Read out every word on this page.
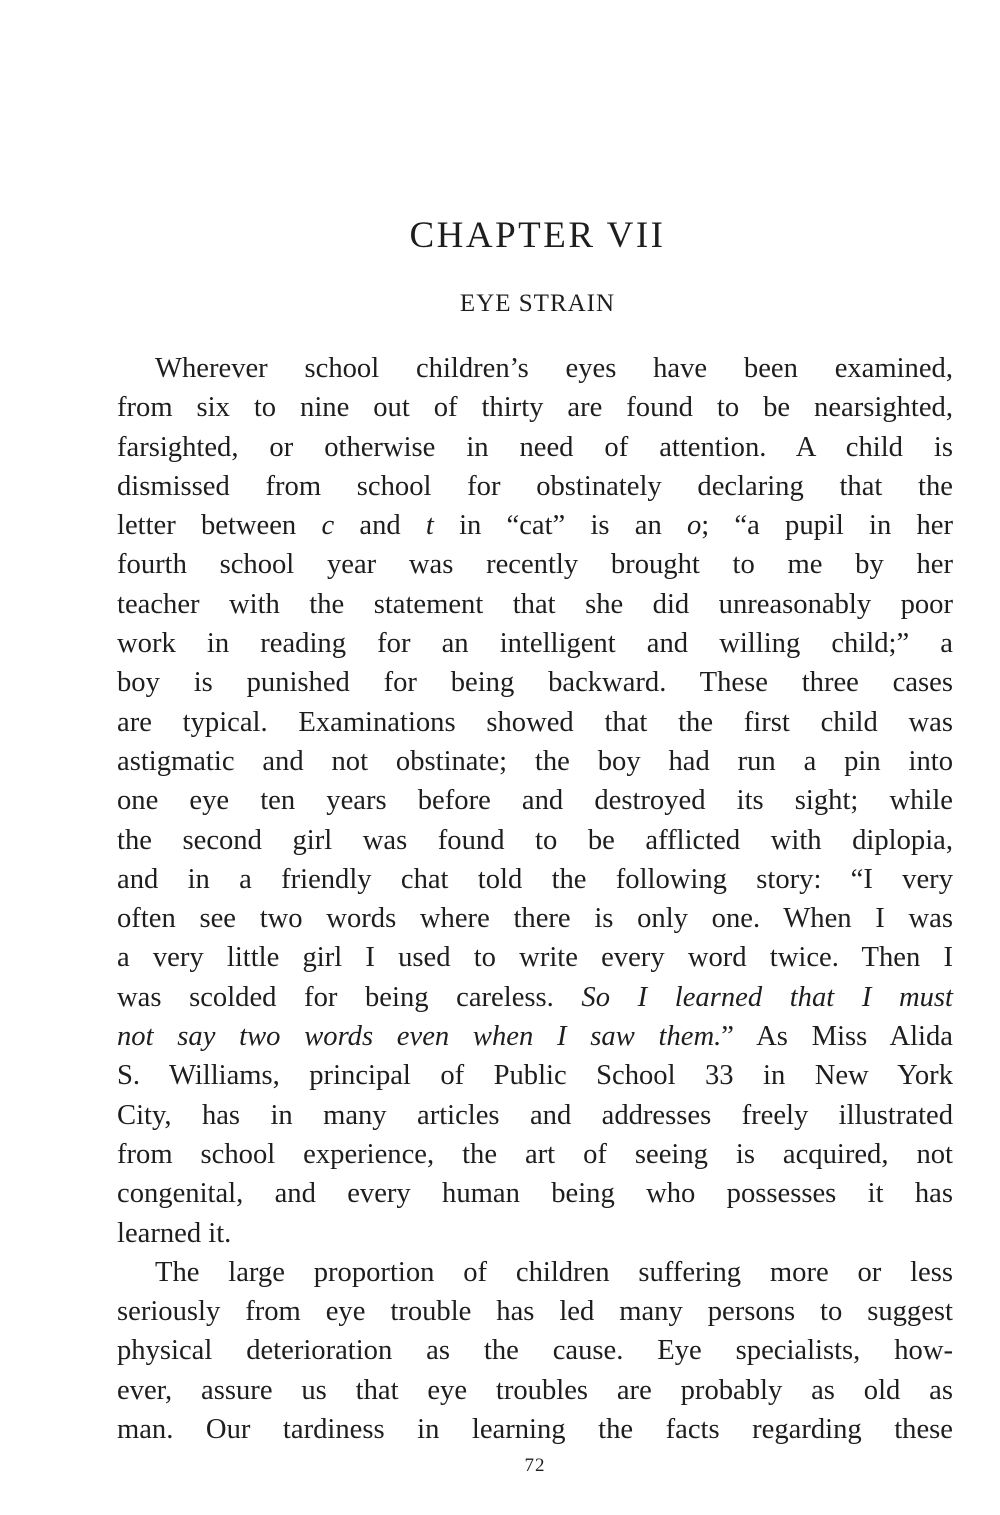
CHAPTER VII
EYE STRAIN
Wherever school children’s eyes have been examined,
from six to nine out of thirty are found to be nearsighted,
farsighted, or otherwise in need of attention. A child is
dismissed from school for obstinately declaring that the
letter between c and t in “cat” is an o; “a pupil in her
fourth school year was recently brought to me by her
teacher with the statement that she did unreasonably poor
work in reading for an intelligent and willing child;” a
boy is punished for being backward. These three cases
are typical. Examinations showed that the first child was
astigmatic and not obstinate; the boy had run a pin into
one eye ten years before and destroyed its sight; while
the second girl was found to be afflicted with diplopia,
and in a friendly chat told the following story: “I very
often see two words where there is only one. When I was
a very little girl I used to write every word twice. Then I
was scolded for being careless. So I learned that I must
not say two words even when I saw them.” As Miss Alida
S. Williams, principal of Public School 33 in New York
City, has in many articles and addresses freely illustrated
from school experience, the art of seeing is acquired, not
congenital, and every human being who possesses it has
learned it.
The large proportion of children suffering more or less
seriously from eye trouble has led many persons to suggest
physical deterioration as the cause. Eye specialists, how-
ever, assure us that eye troubles are probably as old as
man. Our tardiness in learning the facts regarding these
72
